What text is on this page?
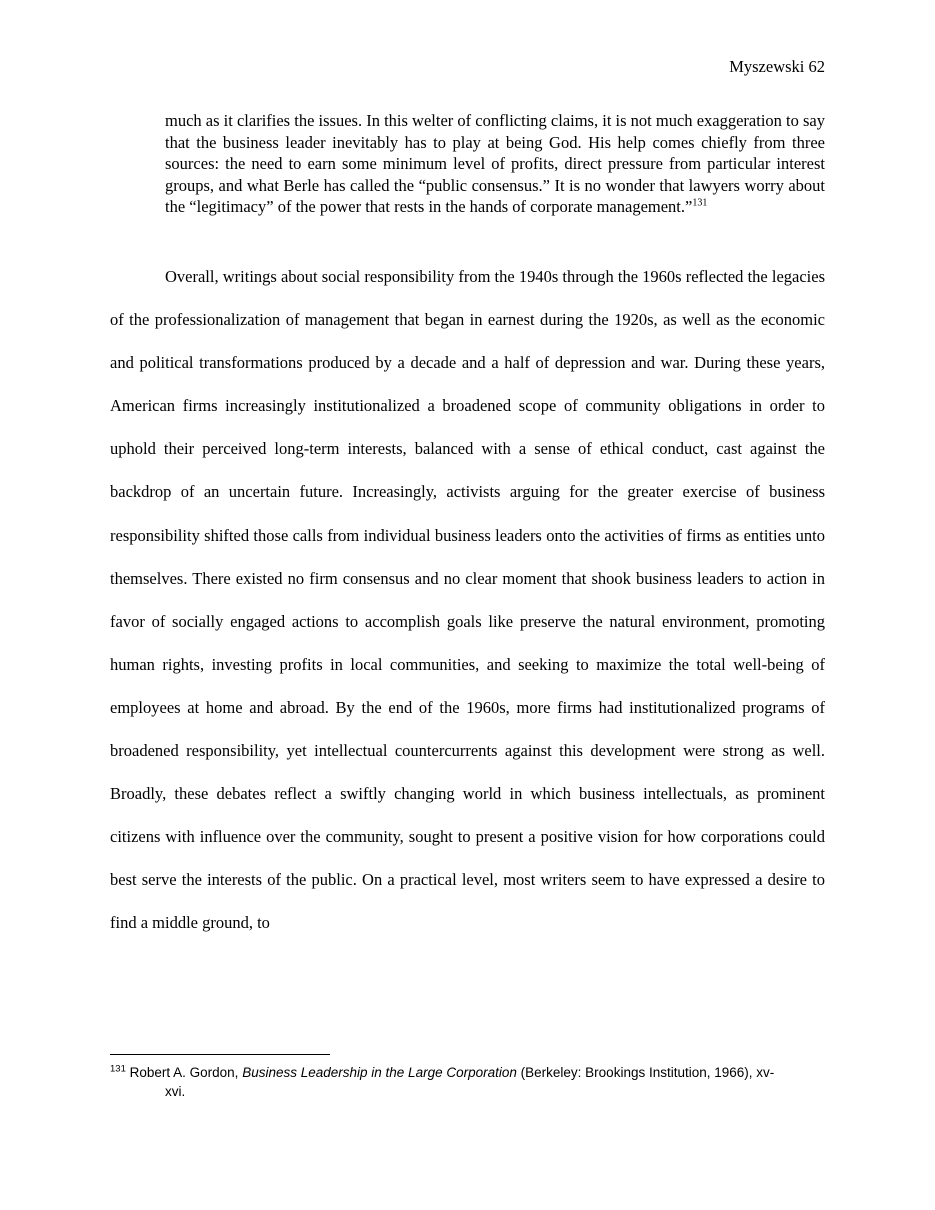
Myszewski 62
much as it clarifies the issues. In this welter of conflicting claims, it is not much exaggeration to say that the business leader inevitably has to play at being God. His help comes chiefly from three sources: the need to earn some minimum level of profits, direct pressure from particular interest groups, and what Berle has called the “public consensus.” It is no wonder that lawyers worry about the “legitimacy” of the power that rests in the hands of corporate management.”$^{131}$
Overall, writings about social responsibility from the 1940s through the 1960s reflected the legacies of the professionalization of management that began in earnest during the 1920s, as well as the economic and political transformations produced by a decade and a half of depression and war. During these years, American firms increasingly institutionalized a broadened scope of community obligations in order to uphold their perceived long-term interests, balanced with a sense of ethical conduct, cast against the backdrop of an uncertain future. Increasingly, activists arguing for the greater exercise of business responsibility shifted those calls from individual business leaders onto the activities of firms as entities unto themselves. There existed no firm consensus and no clear moment that shook business leaders to action in favor of socially engaged actions to accomplish goals like preserve the natural environment, promoting human rights, investing profits in local communities, and seeking to maximize the total well-being of employees at home and abroad. By the end of the 1960s, more firms had institutionalized programs of broadened responsibility, yet intellectual countercurrents against this development were strong as well. Broadly, these debates reflect a swiftly changing world in which business intellectuals, as prominent citizens with influence over the community, sought to present a positive vision for how corporations could best serve the interests of the public. On a practical level, most writers seem to have expressed a desire to find a middle ground, to
$^{131}$ Robert A. Gordon, Business Leadership in the Large Corporation (Berkeley: Brookings Institution, 1966), xv-
xvi.
